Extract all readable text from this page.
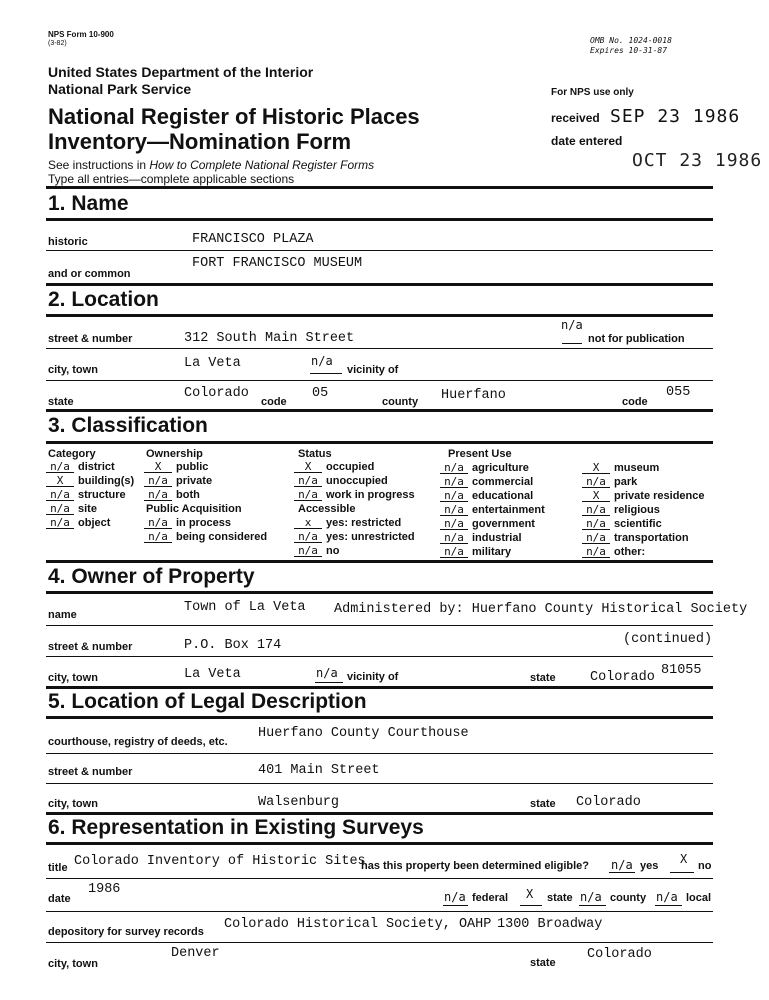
NPS Form 10-900
(3-82)	OMB No. 1024-0018
Expires 10-31-87
United States Department of the Interior
National Park Service
National Register of Historic Places
Inventory—Nomination Form
See instructions in How to Complete National Register Forms
Type all entries—complete applicable sections
For NPS use only
received SEP 23 1986
date entered
OCT 23 1986
1. Name
historic	FRANCISCO PLAZA
and or common
FORT FRANCISCO MUSEUM
2. Location
street & number	312 South Main Street
n/a
not for publication
city, town	La Veta	n/a
vicinity of
state
Colorado
code
05
county Huerfano	code
055
3. Classification
Category
n/a district
X building(s)
n/a structure
n/a site
n/a object
Ownership
X public
n/a private
n/a both
Public Acquisition
n/a in process
n/a being considered
Status
X occupied
n/a unoccupied
n/a work in progress
Accessible
x yes: restricted
n/a yes: unrestricted
n/a no
Present Use
n/a agriculture
n/a commercial
n/a educational
n/a entertainment
n/a government
n/a industrial
n/a military
X museum
n/a park
X private residence
n/a religious
n/a scientific
n/a transportation
n/a other:
4. Owner of Property
name	Town of La Veta Administered by: Huerfano County Historical Society
street & number	P.O. Box 174	(continued)
city, town	La Veta	n/a vicinity of	state	Colorado 81055
5. Location of Legal Description
courthouse, registry of deeds, etc.
Huerfano County Courthouse
street & number	401 Main Street
city, town	Walsenburg	state Colorado
6. Representation in Existing Surveys
title Colorado Inventory of Historic Sites
has this property been determined eligible? n/a yes X no
date
1986	n/a federal X state n/a county n/a local
depository for survey records Colorado Historical Society, OAHP 1300 Broadway
city, town
Denver
state
Colorado
